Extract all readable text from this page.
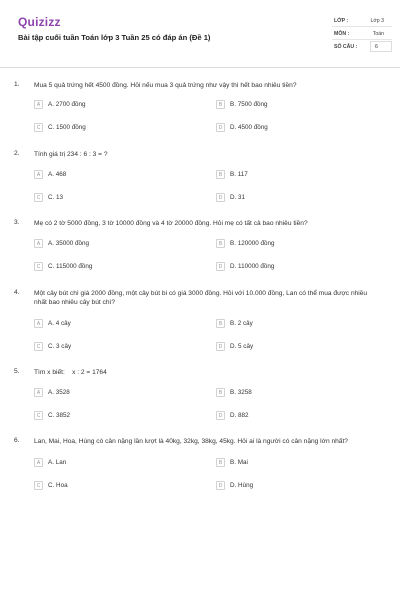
Quizizz
Bài tập cuối tuần Toán lớp 3 Tuần 25 có đáp án (Đề 1)
LỚP :	Lớp 3
MÔN :	Toán
SỐ CÂU :	6
1. Mua 5 quả trứng hết 4500 đồng. Hỏi nếu mua 3 quả trứng như vậy thì hết bao nhiêu tiền?
A	A. 2700 đồng	B	B. 7500 đồng
C	C. 1500 đồng	D	D. 4500 đồng
2. Tính giá trị 234 : 6 : 3 = ?
A	A. 468	B	B. 117
C	C. 13	D	D. 31
3. Mẹ có 2 tờ 5000 đồng, 3 tờ 10000 đồng và 4 tờ 20000 đồng. Hỏi mẹ có tất cả bao nhiêu tiền?
A	A. 35000 đồng	B	B. 120000 đồng
C	C. 115000 đồng	D	D. 110000 đồng
4. Một cây bút chì giá 2000 đồng, một cây bút bi có giá 3000 đồng. Hỏi với 10.000 đồng, Lan có thể mua được nhiều nhất bao nhiêu cây bút chì?
A	A. 4 cây	B	B. 2 cây
C	C. 3 cây	D	D. 5 cây
5. Tìm x biết:    x : 2 = 1764
A	A. 3528	B	B. 3258
C	C. 3852	D	D. 882
6. Lan, Mai, Hoa, Hùng có cân nặng lần lượt là 40kg, 32kg, 38kg, 45kg. Hỏi ai là người có cân nặng lớn nhất?
A	A. Lan	B	B. Mai
C	C. Hoa	D	D. Hùng
